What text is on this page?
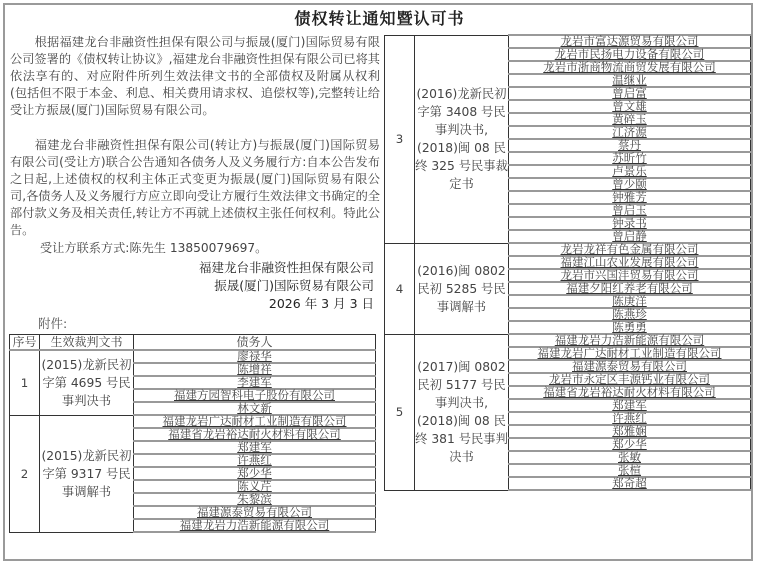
债权转让通知暨认可书
  根据福建龙台非融资性担保有限公司与振晟(厦门)国际贸易有限公司签署的《债权转让协议》,福建龙台非融资性担保有限公司已将其依法享有的、对应附件所列生效法律文书的全部债权及附属从权利(包括但不限于本金、利息、相关费用请求权、追偿权等),完整转让给受让方振晟(厦门)国际贸易有限公司。
  福建龙台非融资性担保有限公司(转让方)与振晟(厦门)国际贸易有限公司(受让方)联合公告通知各债务人及义务履行方:自本公告发布之日起,上述债权的权利主体正式变更为振晟(厦门)国际贸易有限公司,各债务人及义务履行方应立即向受让方履行生效法律文书确定的全部付款义务及相关责任,转让方不再就上述债权主张任何权利。特此公告。
受让方联系方式:陈先生 13850079697。
福建龙台非融资性担保有限公司
振晟(厦门)国际贸易有限公司
2026 年 3 月 3 日
附件:
序号	生效裁判文书	债务人
1	(2015)龙新民初字第 4695 号民事判决书	廖禄华
		陈增祥
		李建军
		福建方园智科电子股份有限公司
		林文新
2	(2015)龙新民初字第 9317 号民事调解书	福建龙岩广达耐材工业制造有限公司
		福建省龙岩裕达耐火材料有限公司
		郑建军
		许燕红
		郑少华
		陈义芹
		朱黎滨
		福建源泰贸易有限公司
		福建龙岩力浩新能源有限公司
3	(2016)龙新民初字第 3408 号民事判决书,(2018)闽 08 民终 325 号民事裁定书	龙岩市富达源贸易有限公司
		龙岩市民扬电力设备有限公司
		龙岩市浙商物流商贸发展有限公司
		温继业
		曾启富
		曾文雄
		黄碎玉
		江济源
		蔡丹
		苏昕竹
		卢景乐
		曾少颐
		钟雅芳
		曾启玉
		钟录书
		曾启静
4	(2016)闽 0802 民初 5285 号民事调解书	龙岩龙祥有色金属有限公司
		福建江山农业发展有限公司
		龙岩市兴国沣贸易有限公司
		福建夕阳红养老有限公司
		陈庚洋
		陈燕珍
		陈勇勇
5	(2017)闽 0802 民初 5177 号民事判决书,(2018)闽 08 民终 381 号民事判决书	福建龙岩力浩新能源有限公司
		福建龙岩广达耐材工业制造有限公司
		福建源泰贸易有限公司
		龙岩市永定区丰源钙业有限公司
		福建省龙岩裕达耐火材料有限公司
		郑建军
		许燕红
		郑雅娴
		郑少华
		张敏
		张楦
		郑奇超
